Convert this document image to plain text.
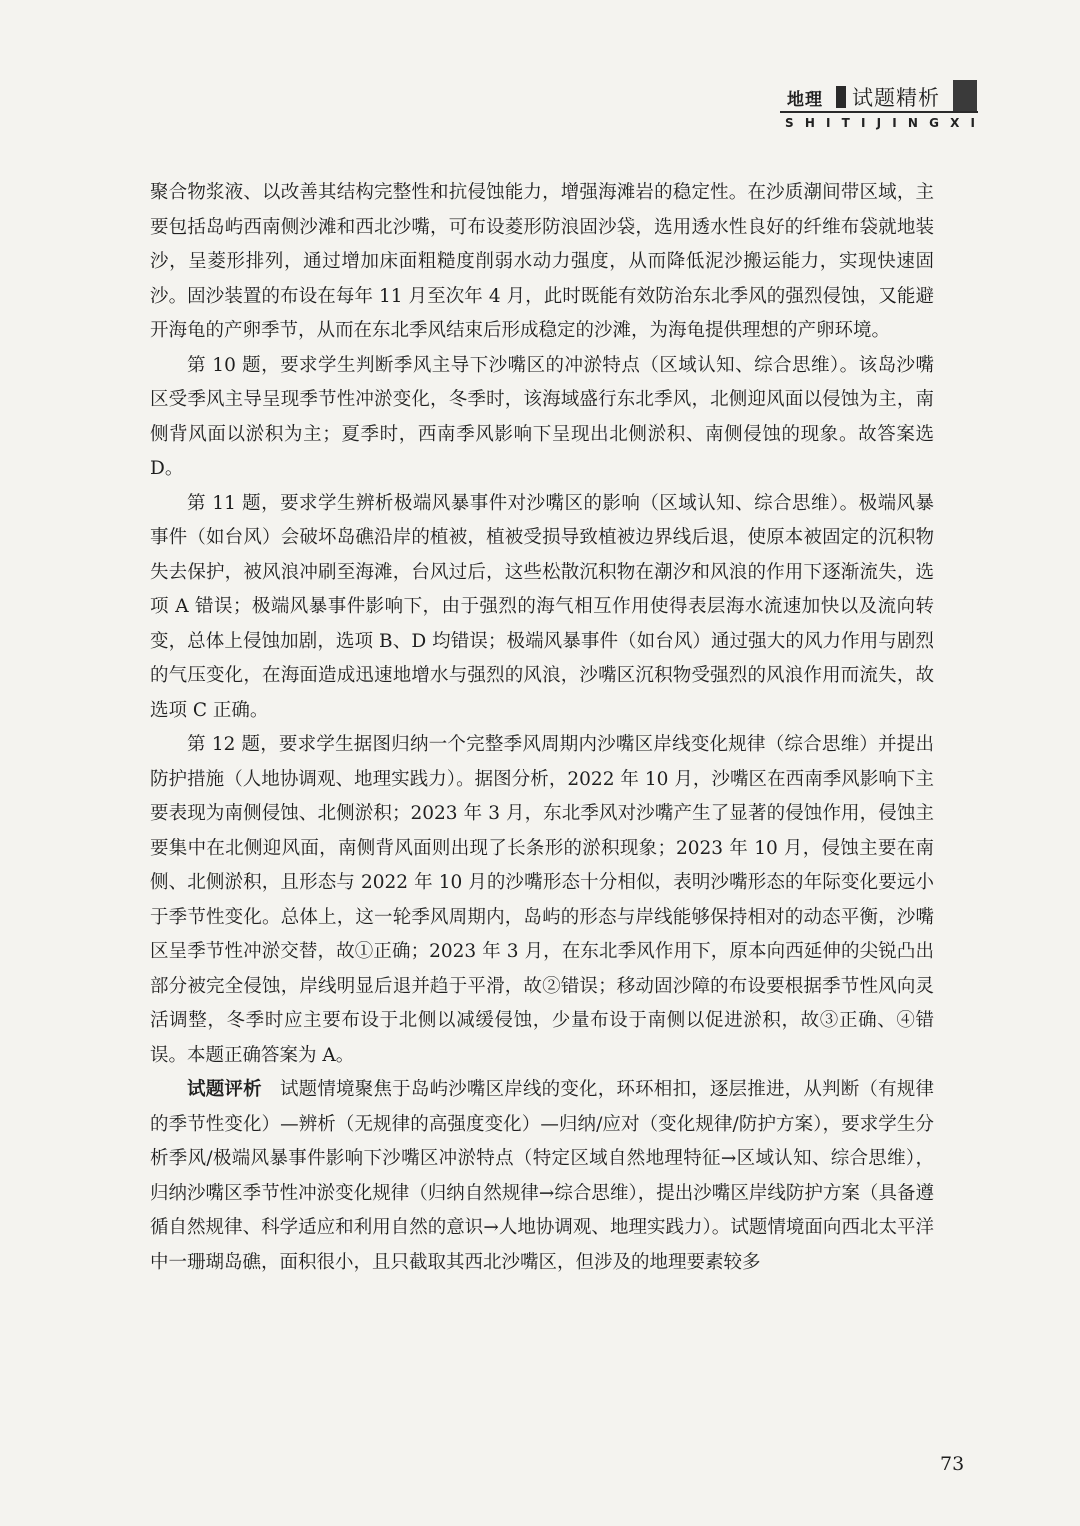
地理 试题精析
S H I T I J I N G X I

聚合物浆液、以改善其结构完整性和抗侵蚀能力，增强海滩岩的稳定性。在沙质潮间带区域，主要包括岛屿西南侧沙滩和西北沙嘴，可布设菱形防浪固沙袋，选用透水性良好的纤维布袋就地装沙，呈菱形排列，通过增加床面粗糙度削弱水动力强度，从而降低泥沙搬运能力，实现快速固沙。固沙装置的布设在每年 11 月至次年 4 月，此时既能有效防治东北季风的强烈侵蚀，又能避开海龟的产卵季节，从而在东北季风结束后形成稳定的沙滩，为海龟提供理想的产卵环境。

第 10 题，要求学生判断季风主导下沙嘴区的冲淤特点（区域认知、综合思维）。该岛沙嘴区受季风主导呈现季节性冲淤变化，冬季时，该海域盛行东北季风，北侧迎风面以侵蚀为主，南侧背风面以淤积为主；夏季时，西南季风影响下呈现出北侧淤积、南侧侵蚀的现象。故答案选 D。

第 11 题，要求学生辨析极端风暴事件对沙嘴区的影响（区域认知、综合思维）。极端风暴事件（如台风）会破坏岛礁沿岸的植被，植被受损导致植被边界线后退，使原本被固定的沉积物失去保护，被风浪冲刷至海滩，台风过后，这些松散沉积物在潮汐和风浪的作用下逐渐流失，选项 A 错误；极端风暴事件影响下，由于强烈的海气相互作用使得表层海水流速加快以及流向转变，总体上侵蚀加剧，选项 B、D 均错误；极端风暴事件（如台风）通过强大的风力作用与剧烈的气压变化，在海面造成迅速地增水与强烈的风浪，沙嘴区沉积物受强烈的风浪作用而流失，故选项 C 正确。

第 12 题，要求学生据图归纳一个完整季风周期内沙嘴区岸线变化规律（综合思维）并提出防护措施（人地协调观、地理实践力）。据图分析，2022 年 10 月，沙嘴区在西南季风影响下主要表现为南侧侵蚀、北侧淤积；2023 年 3 月，东北季风对沙嘴产生了显著的侵蚀作用，侵蚀主要集中在北侧迎风面，南侧背风面则出现了长条形的淤积现象；2023 年 10 月，侵蚀主要在南侧、北侧淤积，且形态与 2022 年 10 月的沙嘴形态十分相似，表明沙嘴形态的年际变化要远小于季节性变化。总体上，这一轮季风周期内，岛屿的形态与岸线能够保持相对的动态平衡，沙嘴区呈季节性冲淤交替，故①正确；2023 年 3 月，在东北季风作用下，原本向西延伸的尖锐凸出部分被完全侵蚀，岸线明显后退并趋于平滑，故②错误；移动固沙障的布设要根据季节性风向灵活调整，冬季时应主要布设于北侧以减缓侵蚀，少量布设于南侧以促进淤积，故③正确、④错误。本题正确答案为 A。

试题评析 试题情境聚焦于岛屿沙嘴区岸线的变化，环环相扣，逐层推进，从判断（有规律的季节性变化）—辨析（无规律的高强度变化）—归纳/应对（变化规律/防护方案），要求学生分析季风/极端风暴事件影响下沙嘴区冲淤特点（特定区域自然地理特征→区域认知、综合思维），归纳沙嘴区季节性冲淤变化规律（归纳自然规律→综合思维），提出沙嘴区岸线防护方案（具备遵循自然规律、科学适应和利用自然的意识→人地协调观、地理实践力）。试题情境面向西北太平洋中一珊瑚岛礁，面积很小，且只截取其西北沙嘴区，但涉及的地理要素较多

73
